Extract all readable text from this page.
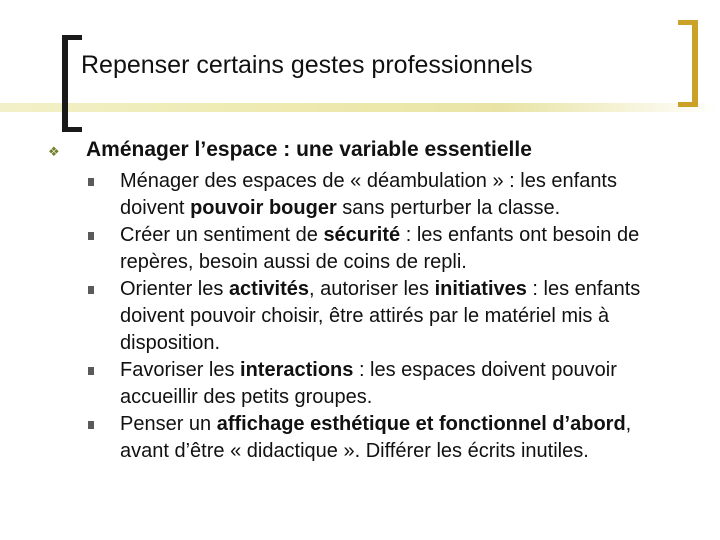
Repenser certains gestes professionnels
❖ Aménager l’espace : une variable essentielle
Ménager des espaces de « déambulation » : les enfants doivent pouvoir bouger sans perturber la classe.
Créer un sentiment de sécurité : les enfants ont besoin de repères, besoin aussi de coins de repli.
Orienter les activités, autoriser les initiatives : les enfants doivent pouvoir choisir, être attirés par le matériel mis à disposition.
Favoriser les interactions : les espaces doivent pouvoir accueillir des petits groupes.
Penser un affichage esthétique et fonctionnel d’abord, avant d’être « didactique ». Différer les écrits inutiles.
